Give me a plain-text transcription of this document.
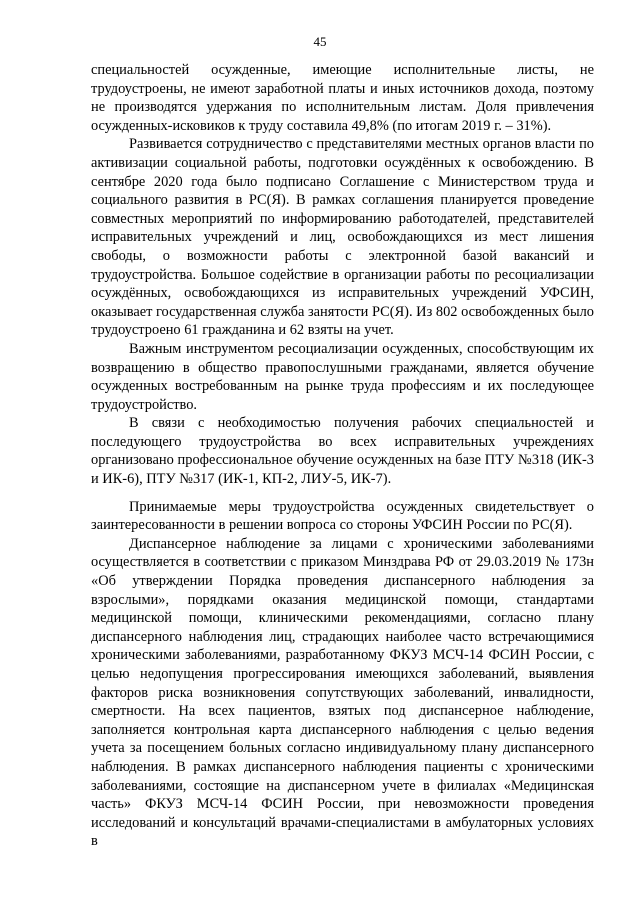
45

специальностей осужденные, имеющие исполнительные листы, не трудоустроены, не имеют заработной платы и иных источников дохода, поэтому не производятся удержания по исполнительным листам. Доля привлечения осужденных-исковиков к труду составила 49,8% (по итогам 2019 г. – 31%).

Развивается сотрудничество с представителями местных органов власти по активизации социальной работы, подготовки осуждённых к освобождению. В сентябре 2020 года было подписано Соглашение с Министерством труда и социального развития в РС(Я). В рамках соглашения планируется проведение совместных мероприятий по информированию работодателей, представителей исправительных учреждений и лиц, освобождающихся из мест лишения свободы, о возможности работы с электронной базой вакансий и трудоустройства. Большое содействие в организации работы по ресоциализации осуждённых, освобождающихся из исправительных учреждений УФСИН, оказывает государственная служба занятости РС(Я). Из 802 освобожденных было трудоустроено 61 гражданина и 62 взяты на учет.

Важным инструментом ресоциализации осужденных, способствующим их возвращению в общество правопослушными гражданами, является обучение осужденных востребованным на рынке труда профессиям и их последующее трудоустройство.

В связи с необходимостью получения рабочих специальностей и последующего трудоустройства во всех исправительных учреждениях организовано профессиональное обучение осужденных на базе ПТУ №318 (ИК-3 и ИК-6), ПТУ №317 (ИК-1, КП-2, ЛИУ-5, ИК-7).

Принимаемые меры трудоустройства осужденных свидетельствует о заинтересованности в решении вопроса со стороны УФСИН России по РС(Я).

Диспансерное наблюдение за лицами с хроническими заболеваниями осуществляется в соответствии с приказом Минздрава РФ от 29.03.2019 № 173н «Об утверждении Порядка проведения диспансерного наблюдения за взрослыми», порядками оказания медицинской помощи, стандартами медицинской помощи, клиническими рекомендациями, согласно плану диспансерного наблюдения лиц, страдающих наиболее часто встречающимися хроническими заболеваниями, разработанному ФКУЗ МСЧ-14 ФСИН России, с целью недопущения прогрессирования имеющихся заболеваний, выявления факторов риска возникновения сопутствующих заболеваний, инвалидности, смертности. На всех пациентов, взятых под диспансерное наблюдение, заполняется контрольная карта диспансерного наблюдения с целью ведения учета за посещением больных согласно индивидуальному плану диспансерного наблюдения. В рамках диспансерного наблюдения пациенты с хроническими заболеваниями, состоящие на диспансерном учете в филиалах «Медицинская часть» ФКУЗ МСЧ-14 ФСИН России, при невозможности проведения исследований и консультаций врачами-специалистами в амбулаторных условиях в
